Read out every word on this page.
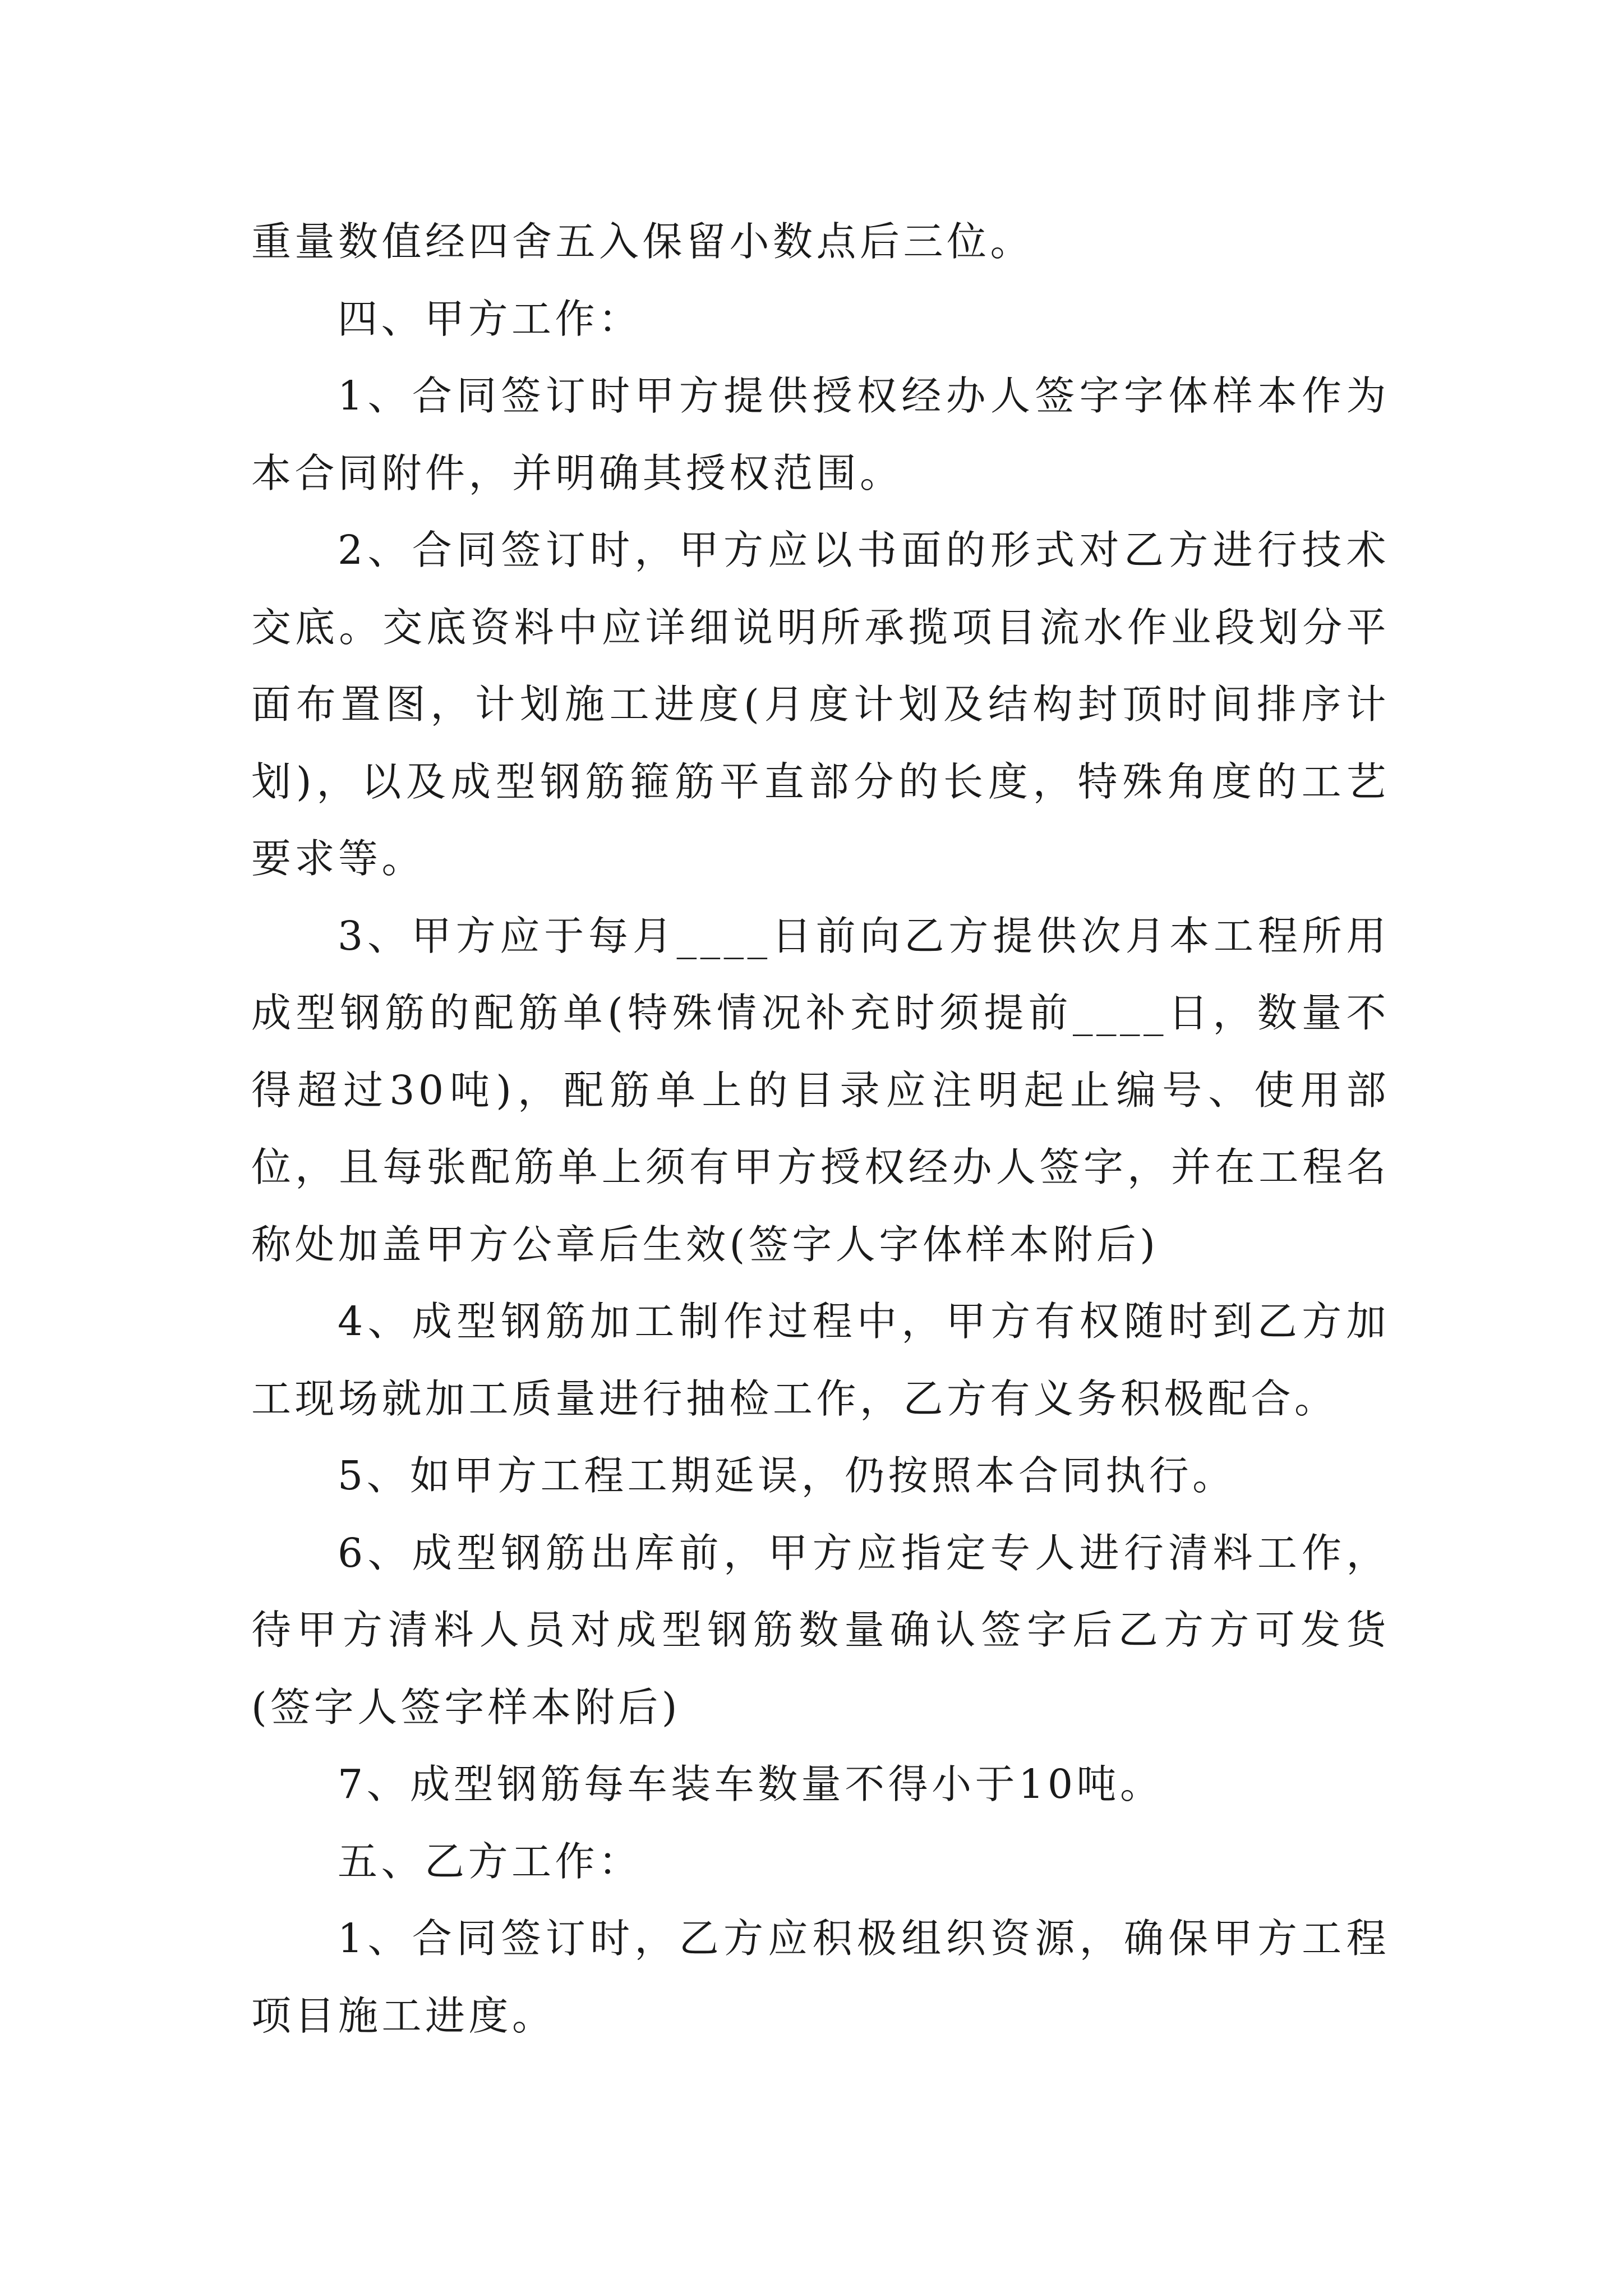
重量数值经四舍五入保留小数点后三位。

四、甲方工作：

1、合同签订时甲方提供授权经办人签字字体样本作为本合同附件，并明确其授权范围。

2、合同签订时，甲方应以书面的形式对乙方进行技术交底。交底资料中应详细说明所承揽项目流水作业段划分平面布置图，计划施工进度(月度计划及结构封顶时间排序计划)，以及成型钢筋箍筋平直部分的长度，特殊角度的工艺要求等。

3、甲方应于每月____日前向乙方提供次月本工程所用成型钢筋的配筋单(特殊情况补充时须提前____日，数量不得超过30吨)，配筋单上的目录应注明起止编号、使用部位，且每张配筋单上须有甲方授权经办人签字，并在工程名称处加盖甲方公章后生效(签字人字体样本附后)

4、成型钢筋加工制作过程中，甲方有权随时到乙方加工现场就加工质量进行抽检工作，乙方有义务积极配合。

5、如甲方工程工期延误，仍按照本合同执行。

6、成型钢筋出库前，甲方应指定专人进行清料工作，待甲方清料人员对成型钢筋数量确认签字后乙方方可发货(签字人签字样本附后)

7、成型钢筋每车装车数量不得小于10吨。

五、乙方工作：

1、合同签订时，乙方应积极组织资源，确保甲方工程项目施工进度。
